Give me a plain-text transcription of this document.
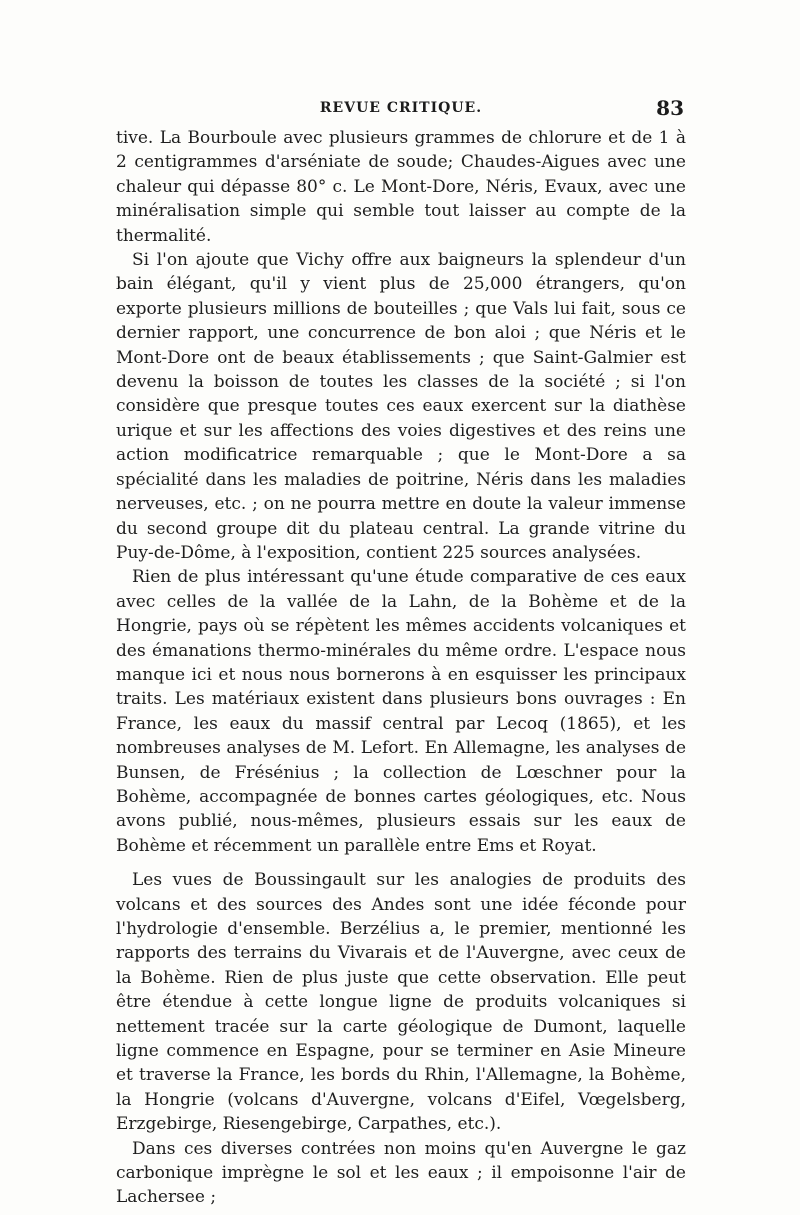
REVUE CRITIQUE.	83

tive. La Bourboule avec plusieurs grammes de chlorure et de 1 à 2 centigrammes d'arséniate de soude; Chaudes-Aigues avec une chaleur qui dépasse 80° c. Le Mont-Dore, Néris, Evaux, avec une minéralisation simple qui semble tout laisser au compte de la thermalité.

Si l'on ajoute que Vichy offre aux baigneurs la splendeur d'un bain élégant, qu'il y vient plus de 25,000 étrangers, qu'on exporte plusieurs millions de bouteilles ; que Vals lui fait, sous ce dernier rapport, une concurrence de bon aloi ; que Néris et le Mont-Dore ont de beaux établissements ; que Saint-Galmier est devenu la boisson de toutes les classes de la société ; si l'on considère que presque toutes ces eaux exercent sur la diathèse urique et sur les affections des voies digestives et des reins une action modificatrice remarquable ; que le Mont-Dore a sa spécialité dans les maladies de poitrine, Néris dans les maladies nerveuses, etc. ; on ne pourra mettre en doute la valeur immense du second groupe dit du plateau central. La grande vitrine du Puy-de-Dôme, à l'exposition, contient 225 sources analysées.

Rien de plus intéressant qu'une étude comparative de ces eaux avec celles de la vallée de la Lahn, de la Bohème et de la Hongrie, pays où se répètent les mêmes accidents volcaniques et des émanations thermo-minérales du même ordre. L'espace nous manque ici et nous nous bornerons à en esquisser les principaux traits. Les matériaux existent dans plusieurs bons ouvrages : En France, les eaux du massif central par Lecoq (1865), et les nombreuses analyses de M. Lefort. En Allemagne, les analyses de Bunsen, de Frésénius ; la collection de Lœschner pour la Bohème, accompagnée de bonnes cartes géologiques, etc. Nous avons publié, nous-mêmes, plusieurs essais sur les eaux de Bohème et récemment un parallèle entre Ems et Royat.

Les vues de Boussingault sur les analogies de produits des volcans et des sources des Andes sont une idée féconde pour l'hydrologie d'ensemble. Berzélius a, le premier, mentionné les rapports des terrains du Vivarais et de l'Auvergne, avec ceux de la Bohème. Rien de plus juste que cette observation. Elle peut être étendue à cette longue ligne de produits volcaniques si nettement tracée sur la carte géologique de Dumont, laquelle ligne commence en Espagne, pour se terminer en Asie Mineure et traverse la France, les bords du Rhin, l'Allemagne, la Bohème, la Hongrie (volcans d'Auvergne, volcans d'Eifel, Vœgelsberg, Erzgebirge, Riesengebirge, Carpathes, etc.).

Dans ces diverses contrées non moins qu'en Auvergne le gaz carbonique imprègne le sol et les eaux ; il empoisonne l'air de Lachersee ;
